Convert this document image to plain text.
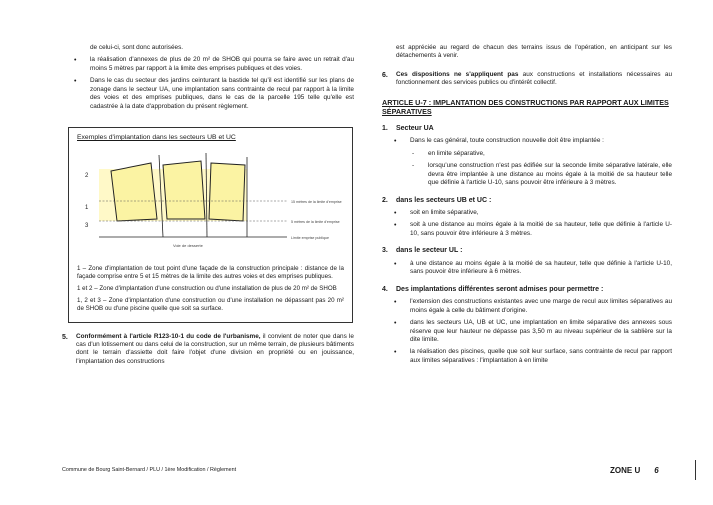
de celui-ci, sont donc autorisées.

• la réalisation d'annexes de plus de 20 m² de SHOB qui pourra se faire avec un retrait d'au moins 5 mètres par rapport à la limite des emprises publiques et des voies.
• Dans le cas du secteur des jardins ceinturant la bastide tel qu'il est identifié sur les plans de zonage dans le secteur UA, une implantation sans contrainte de recul par rapport à la limite des voies et des emprises publiques, dans le cas de la parcelle 195 telle qu'elle est cadastrée à la date d'approbation du présent règlement.
Exemples d'implantation dans les secteurs UB et UC
2
1
3
15 mètres de la limite d'emprise
5 mètres de la limite d'emprise
Limite emprise publique
Voie de desserte

1 – Zone d'implantation de tout point d'une façade de la construction principale : distance de la façade comprise entre 5 et 15 mètres de la limite des autres voies et des emprises publiques.

1 et 2 – Zone d'implantation d'une construction ou d'une installation de plus de 20 m² de SHOB

1, 2 et 3 – Zone d'implantation d'une construction ou d'une installation ne dépassant pas 20 m² de SHOB ou d'une piscine quelle que soit sa surface.

5. Conformément à l'article R123-10-1 du code de l'urbanisme, il convient de noter que dans le cas d'un lotissement ou dans celui de la construction, sur un même terrain, de plusieurs bâtiments dont le terrain d'assiette doit faire l'objet d'une division en propriété ou en jouissance, l'implantation des constructions

est appréciée au regard de chacun des terrains issus de l'opération, en anticipant sur les détachements à venir.

6. Ces dispositions ne s'appliquent pas aux constructions et installations nécessaires au fonctionnement des services publics ou d'intérêt collectif.
ARTICLE U-7 : IMPLANTATION DES CONSTRUCTIONS PAR RAPPORT AUX LIMITES SÉPARATIVES
1. Secteur UA
• Dans le cas général, toute construction nouvelle doit être implantée :
- en limite séparative,
- lorsqu'une construction n'est pas édifiée sur la seconde limite séparative latérale, elle devra être implantée à une distance au moins égale à la moitié de sa hauteur telle que définie à l'article U-10, sans pouvoir être inférieure à 3 mètres.
2. dans les secteurs UB et UC :
• soit en limite séparative,
• soit à une distance au moins égale à la moitié de sa hauteur, telle que définie à l'article U-10, sans pouvoir être inférieure à 3 mètres.
3. dans le secteur UL :
• à une distance au moins égale à la moitié de sa hauteur, telle que définie à l'article U-10, sans pouvoir être inférieure à 6 mètres.
4. Des implantations différentes seront admises pour permettre :
• l'extension des constructions existantes avec une marge de recul aux limites séparatives au moins égale à celle du bâtiment d'origine.
• dans les secteurs UA, UB et UC, une implantation en limite séparative des annexes sous réserve que leur hauteur ne dépasse pas 3,50 m au niveau supérieur de la sablière sur la dite limite.
• la réalisation des piscines, quelle que soit leur surface, sans contrainte de recul par rapport aux limites séparatives : l'implantation à en limite
Commune de Bourg Saint-Bernard / PLU / 1ère Modification / Règlement	ZONE U 6
